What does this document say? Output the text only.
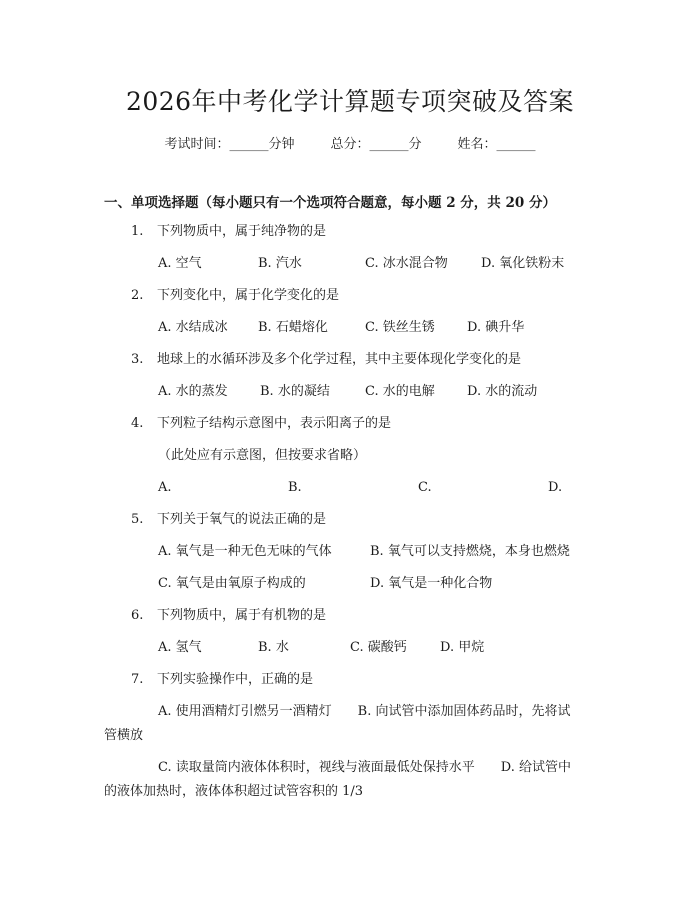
2026年中考化学计算题专项突破及答案
考试时间：______分钟	总分：______分	姓名：______
一、单项选择题（每小题只有一个选项符合题意，每小题 2 分，共 20 分）
1. 下列物质中，属于纯净物的是
A. 空气	B. 汽水	C. 冰水混合物	D. 氧化铁粉末
2. 下列变化中，属于化学变化的是
A. 水结成冰 B. 石蜡熔化	C. 铁丝生锈 D. 碘升华
3. 地球上的水循环涉及多个化学过程，其中主要体现化学变化的是
A. 水的蒸发 B. 水的凝结	C. 水的电解 D. 水的流动
4. 下列粒子结构示意图中，表示阳离子的是
（此处应有示意图，但按要求省略）
A.	B.	C.	D.
5. 下列关于氧气的说法正确的是
A. 氧气是一种无色无味的气体	B. 氧气可以支持燃烧，本身也燃烧
C. 氧气是由氧原子构成的	D. 氧气是一种化合物
6. 下列物质中，属于有机物的是
A. 氢气	B. 水	C. 碳酸钙	D. 甲烷
7. 下列实验操作中，正确的是
A. 使用酒精灯引燃另一酒精灯　　B. 向试管中添加固体药品时，先将试
管横放
C. 读取量筒内液体体积时，视线与液面最低处保持水平　　D. 给试管中
的液体加热时，液体体积超过试管容积的 1/3
